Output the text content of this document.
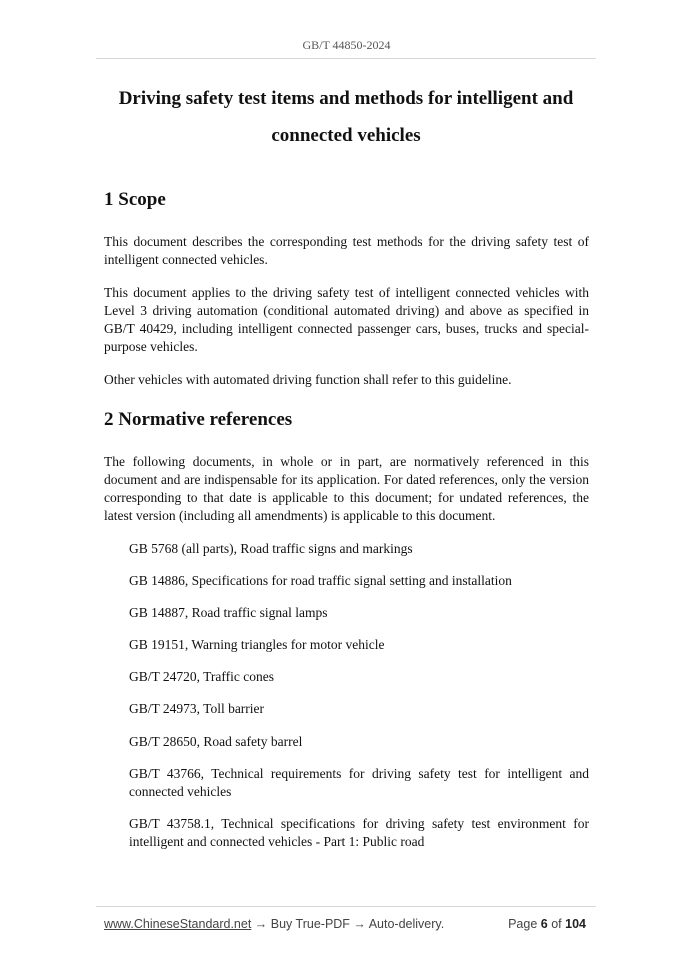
GB/T 44850-2024
Driving safety test items and methods for intelligent and
connected vehicles
1 Scope

This document describes the corresponding test methods for the driving safety test of intelligent connected vehicles.

This document applies to the driving safety test of intelligent connected vehicles with Level 3 driving automation (conditional automated driving) and above as specified in GB/T 40429, including intelligent connected passenger cars, buses, trucks and special-purpose vehicles.

Other vehicles with automated driving function shall refer to this guideline.

2 Normative references

The following documents, in whole or in part, are normatively referenced in this document and are indispensable for its application. For dated references, only the version corresponding to that date is applicable to this document; for undated references, the latest version (including all amendments) is applicable to this document.

GB 5768 (all parts), Road traffic signs and markings

GB 14886, Specifications for road traffic signal setting and installation

GB 14887, Road traffic signal lamps

GB 19151, Warning triangles for motor vehicle

GB/T 24720, Traffic cones

GB/T 24973, Toll barrier

GB/T 28650, Road safety barrel

GB/T 43766, Technical requirements for driving safety test for intelligent and connected vehicles

GB/T 43758.1, Technical specifications for driving safety test environment for intelligent and connected vehicles - Part 1: Public road

www.ChineseStandard.net → Buy True-PDF → Auto-delivery.	Page 6 of 104
